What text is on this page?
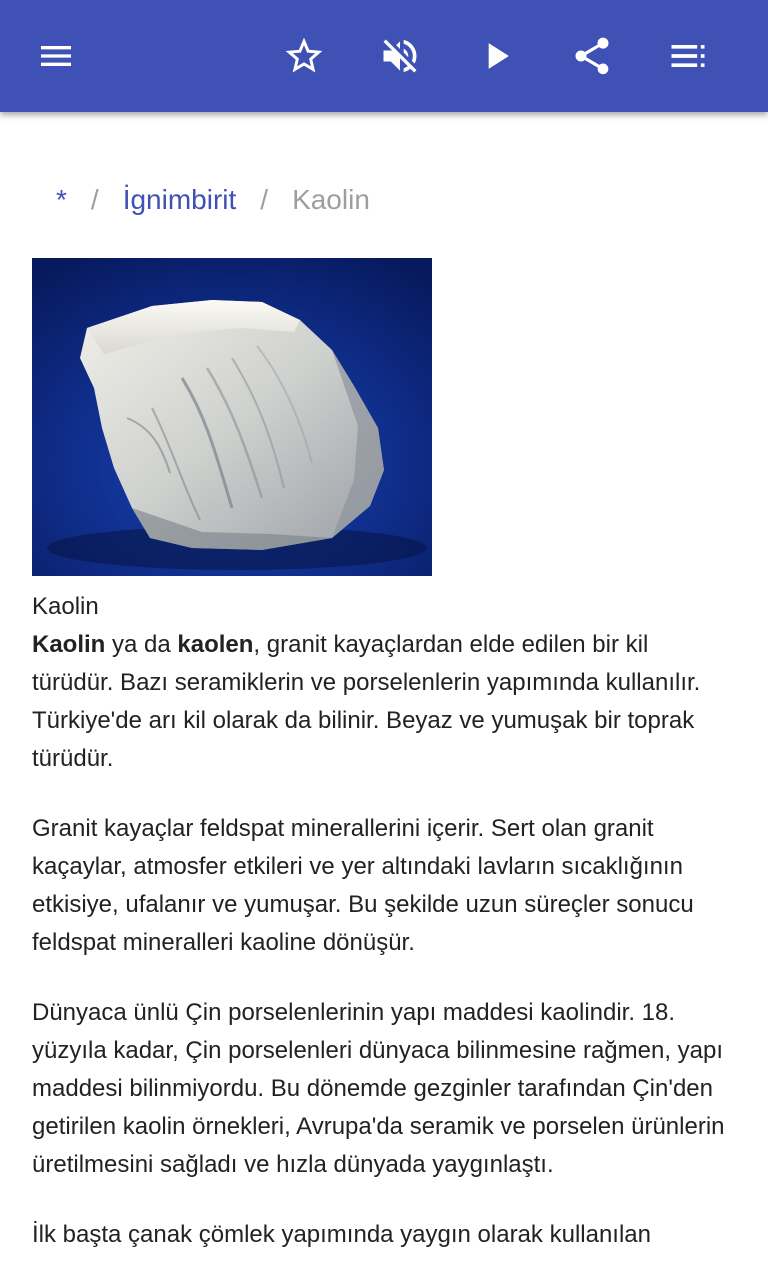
* / İgnimbirit / Kaolin

Kaolin

Kaolin ya da kaolen, granit kayaçlardan elde edilen bir kil türüdür. Bazı seramiklerin ve porselenlerin yapımında kullanılır. Türkiye'de arı kil olarak da bilinir. Beyaz ve yumuşak bir toprak türüdür.

Granit kayaçlar feldspat minerallerini içerir. Sert olan granit kaçaylar, atmosfer etkileri ve yer altındaki lavların sıcaklığının etkisiye, ufalanır ve yumuşar. Bu şekilde uzun süreçler sonucu feldspat mineralleri kaoline dönüşür.

Dünyaca ünlü Çin porselenlerinin yapı maddesi kaolindir. 18. yüzyıla kadar, Çin porselenleri dünyaca bilinmesine rağmen, yapı maddesi bilinmiyordu. Bu dönemde gezginler tarafından Çin'den getirilen kaolin örnekleri, Avrupa'da seramik ve porselen ürünlerin üretilmesini sağladı ve hızla dünyada yaygınlaştı.

İlk başta çanak çömlek yapımında yaygın olarak kullanılan
